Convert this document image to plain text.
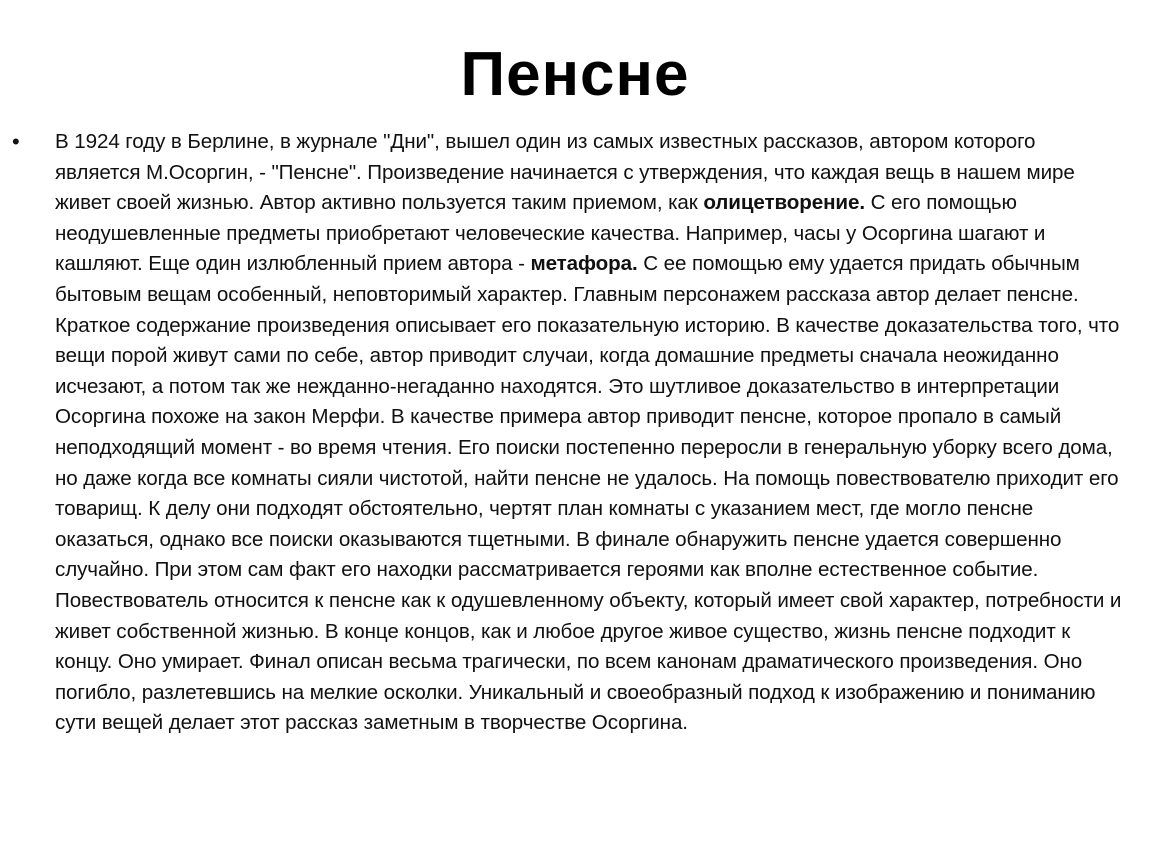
Пенсне
• В 1924 году в Берлине, в журнале "Дни", вышел один из самых известных рассказов, автором которого является М.Осоргин, - "Пенсне". Произведение начинается с утверждения, что каждая вещь в нашем мире живет своей жизнью. Автор активно пользуется таким приемом, как олицетворение. С его помощью неодушевленные предметы приобретают человеческие качества. Например, часы у Осоргина шагают и кашляют. Еще один излюбленный прием автора - метафора. С ее помощью ему удается придать обычным бытовым вещам особенный, неповторимый характер. Главным персонажем рассказа автор делает пенсне. Краткое содержание произведения описывает его показательную историю. В качестве доказательства того, что вещи порой живут сами по себе, автор приводит случаи, когда домашние предметы сначала неожиданно исчезают, а потом так же нежданно-негаданно находятся. Это шутливое доказательство в интерпретации Осоргина похоже на закон Мерфи. В качестве примера автор приводит пенсне, которое пропало в самый неподходящий момент - во время чтения. Его поиски постепенно переросли в генеральную уборку всего дома, но даже когда все комнаты сияли чистотой, найти пенсне не удалось. На помощь повествователю приходит его товарищ. К делу они подходят обстоятельно, чертят план комнаты с указанием мест, где могло пенсне оказаться, однако все поиски оказываются тщетными. В финале обнаружить пенсне удается совершенно случайно. При этом сам факт его находки рассматривается героями как вполне естественное событие. Повествователь относится к пенсне как к одушевленному объекту, который имеет свой характер, потребности и живет собственной жизнью. В конце концов, как и любое другое живое существо, жизнь пенсне подходит к концу. Оно умирает. Финал описан весьма трагически, по всем канонам драматического произведения. Оно погибло, разлетевшись на мелкие осколки. Уникальный и своеобразный подход к изображению и пониманию сути вещей делает этот рассказ заметным в творчестве Осоргина.
